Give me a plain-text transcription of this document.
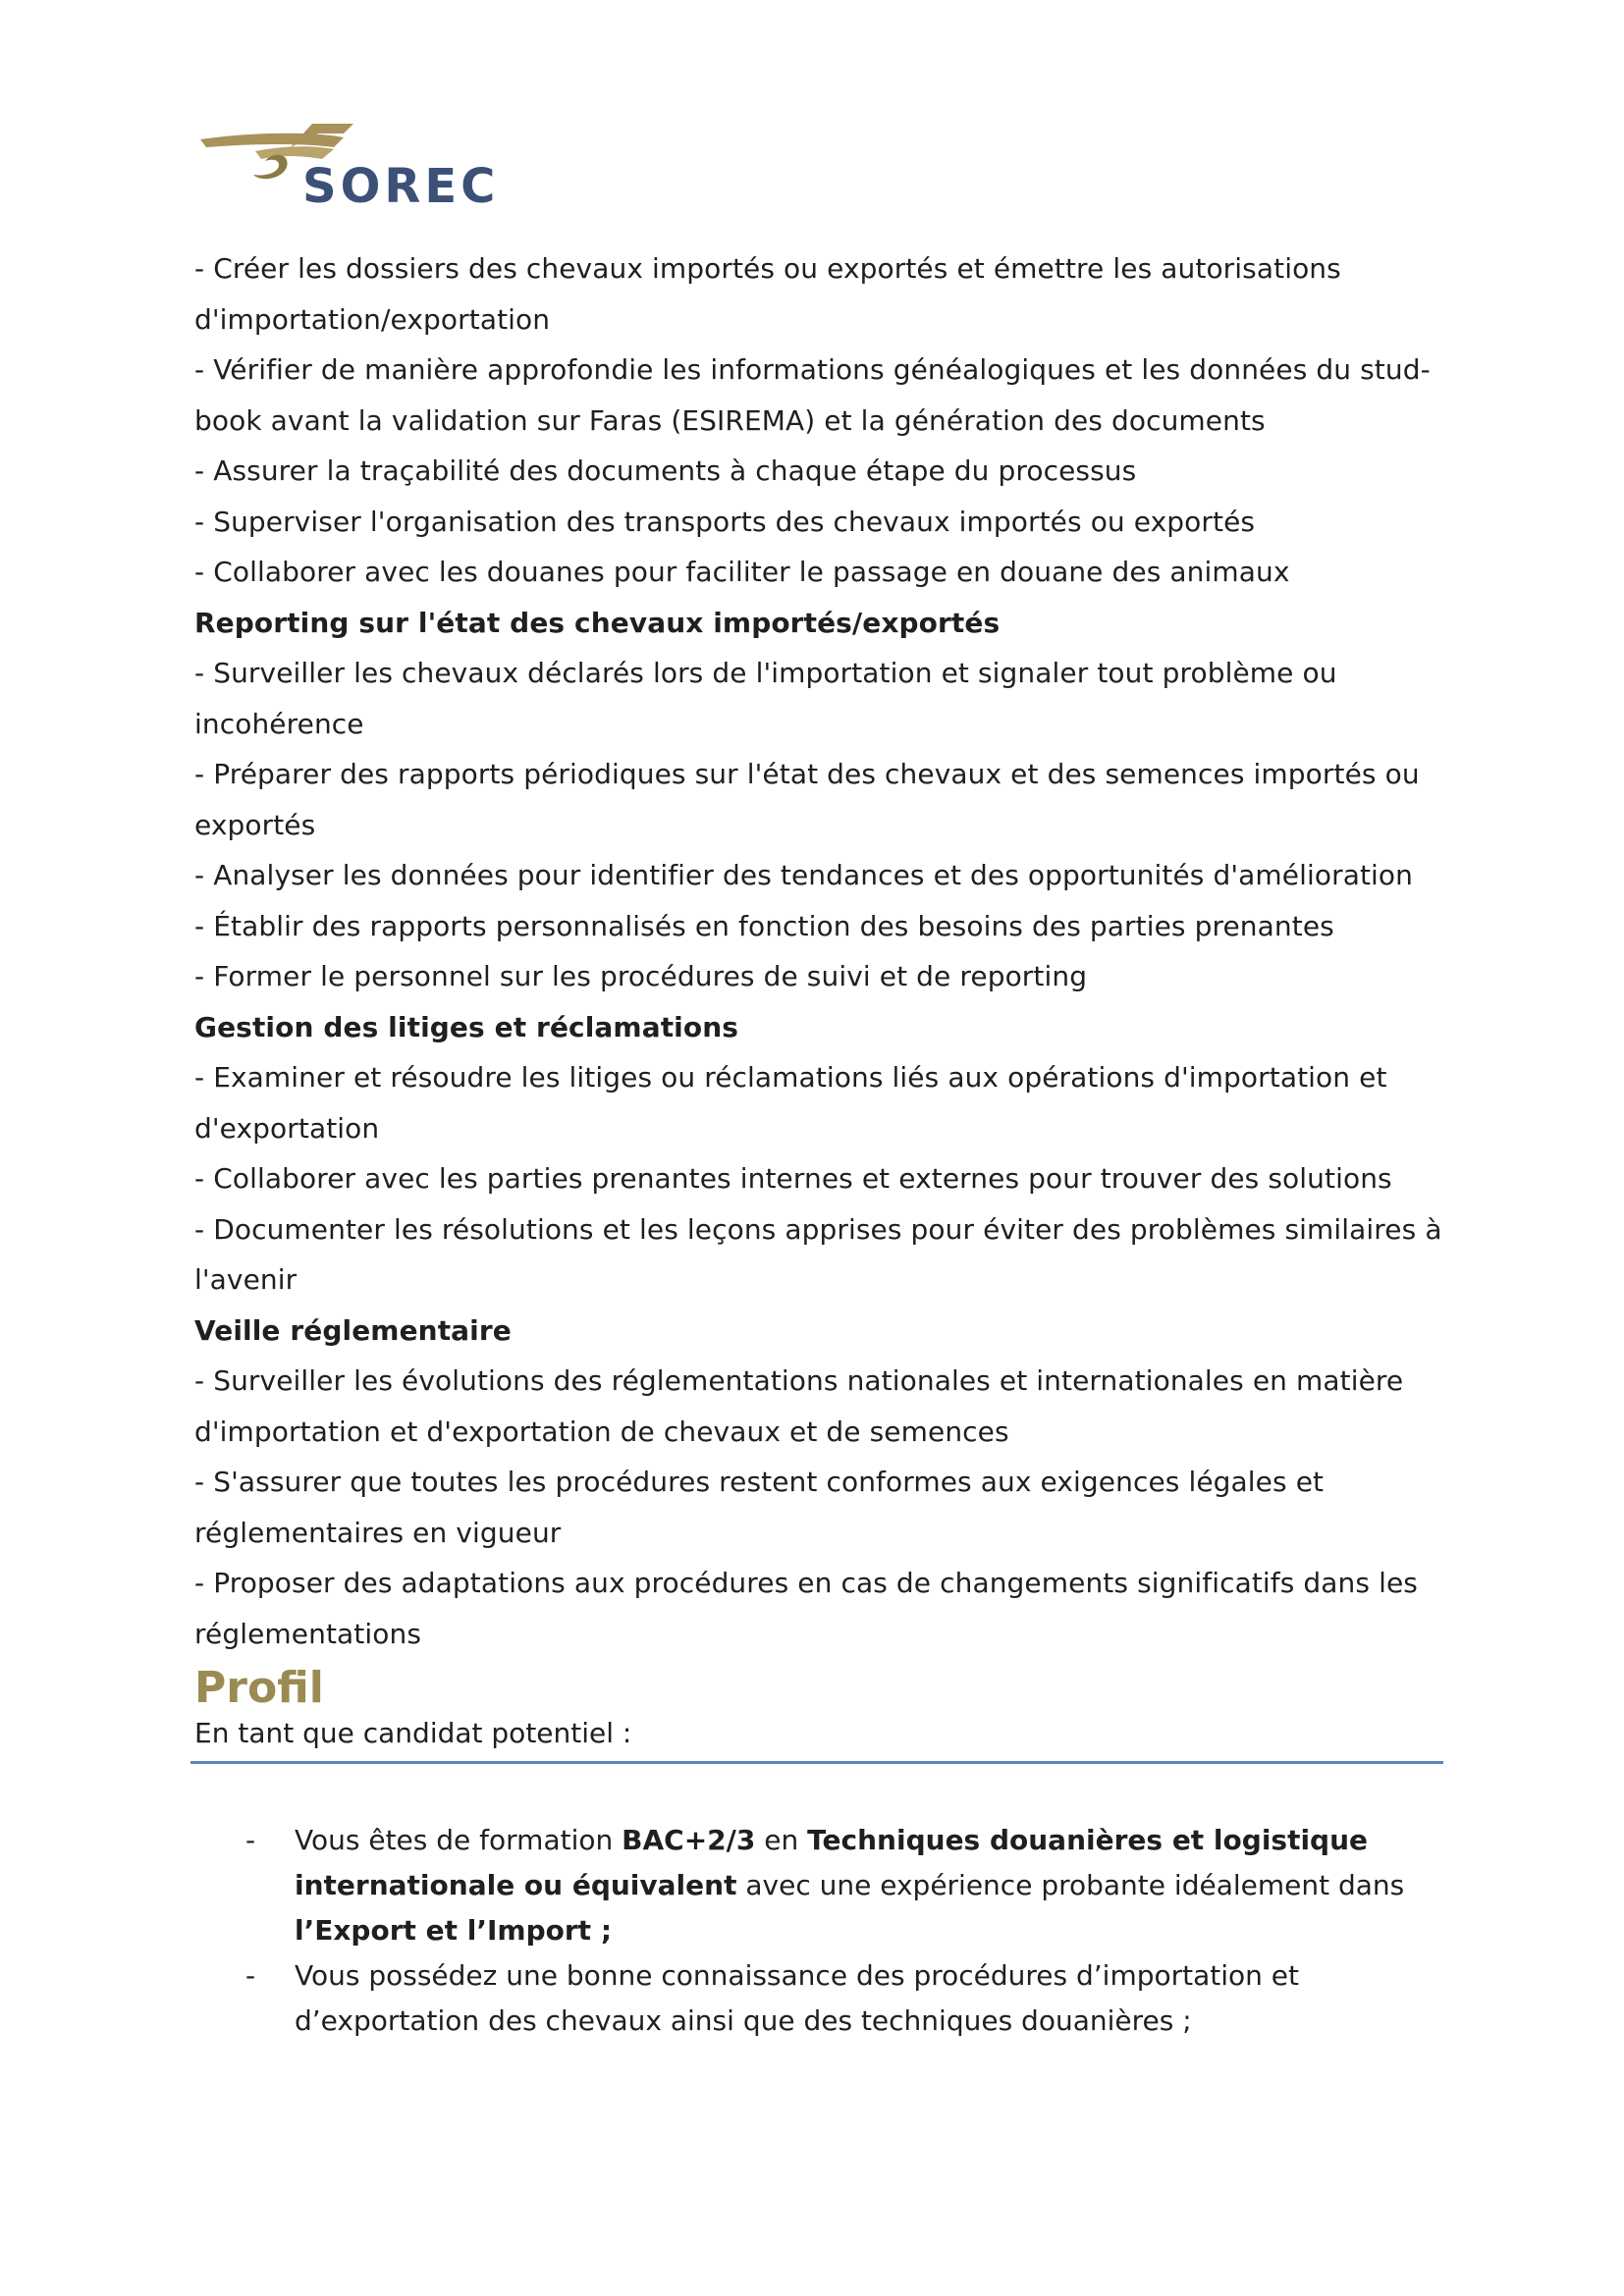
SOREC
- Créer les dossiers des chevaux importés ou exportés et émettre les autorisations
d'importation/exportation
- Vérifier de manière approfondie les informations généalogiques et les données du stud-
book avant la validation sur Faras (ESIREMA) et la génération des documents
- Assurer la traçabilité des documents à chaque étape du processus
- Superviser l'organisation des transports des chevaux importés ou exportés
- Collaborer avec les douanes pour faciliter le passage en douane des animaux
Reporting sur l'état des chevaux importés/exportés
- Surveiller les chevaux déclarés lors de l'importation et signaler tout problème ou
incohérence
- Préparer des rapports périodiques sur l'état des chevaux et des semences importés ou
exportés
- Analyser les données pour identifier des tendances et des opportunités d'amélioration
- Établir des rapports personnalisés en fonction des besoins des parties prenantes
- Former le personnel sur les procédures de suivi et de reporting
Gestion des litiges et réclamations
- Examiner et résoudre les litiges ou réclamations liés aux opérations d'importation et
d'exportation
- Collaborer avec les parties prenantes internes et externes pour trouver des solutions
- Documenter les résolutions et les leçons apprises pour éviter des problèmes similaires à
l'avenir
Veille réglementaire
- Surveiller les évolutions des réglementations nationales et internationales en matière
d'importation et d'exportation de chevaux et de semences
- S'assurer que toutes les procédures restent conformes aux exigences légales et
réglementaires en vigueur
- Proposer des adaptations aux procédures en cas de changements significatifs dans les
réglementations
Profil
En tant que candidat potentiel :
- Vous êtes de formation BAC+2/3 en Techniques douanières et logistique internationale ou équivalent avec une expérience probante idéalement dans l’Export et l’Import ;
- Vous possédez une bonne connaissance des procédures d’importation et d’exportation des chevaux ainsi que des techniques douanières ;
